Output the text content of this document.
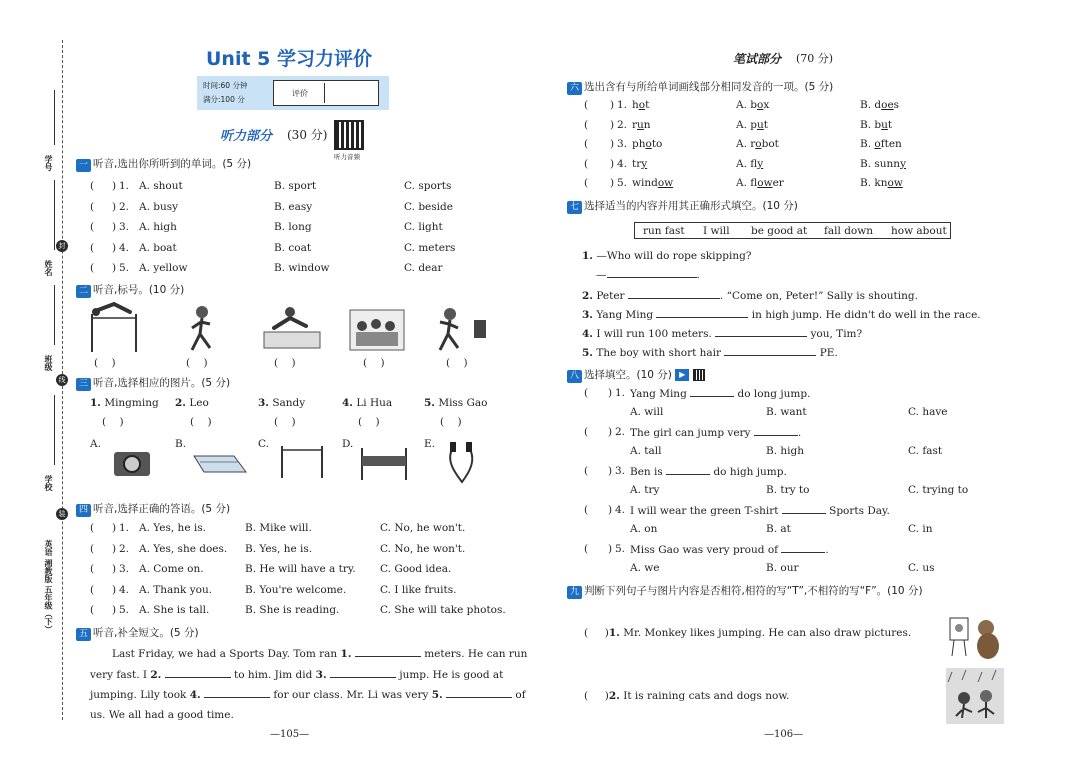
学号
姓名
班级
学校
英语 湘教版 五年级（下）
封
线
装
Unit 5 学习力评价
时间:60 分钟
满分:100 分
评价
听力部分 (30 分)
听力音频
一 听音,选出你所听到的单词。(5 分)
( ) 1. A. shout	B. sport	C. sports
( ) 2. A. busy	B. easy	C. beside
( ) 3. A. high	B. long	C. light
( ) 4. A. boat	B. coat	C. meters
( ) 5. A. yellow	B. window	C. dear
二 听音,标号。(10 分)
(    )	(    )	(    )	(    )	(    )
三 听音,选择相应的图片。(5 分)
1. Mingming 2. Leo	3. Sandy	4. Li Hua	5. Miss Gao
(    )	(    )	(    )	(    )	(    )
A.	B.	C.	D.	E.
四 听音,选择正确的答语。(5 分)
( ) 1. A. Yes, he is.	B. Mike will.	C. No, he won't.
( ) 2. A. Yes, she does. B. Yes, he is.	C. No, he won't.
( ) 3. A. Come on.	B. He will have a try. C. Good idea.
( ) 4. A. Thank you.	B. You're welcome.	C. I like fruits.
( ) 5. A. She is tall.	B. She is reading.	C. She will take photos.
五 听音,补全短文。(5 分)
Last Friday, we had a Sports Day. Tom ran 1.	meters. He can run
very fast. I 2.	to him. Jim did 3.	jump. He is good at
jumping. Lily took 4.	for our class. Mr. Li was very 5.	of
us. We all had a good time.
—105—
笔试部分 (70 分)
六 选出含有与所给单词画线部分相同发音的一项。(5 分)
( ) 1. hot	A. box	B. does
( ) 2. run	A. put	B. but
( ) 3. photo	A. robot	B. often
( ) 4. try	A. fly	B. sunny
( ) 5. window	A. flower	B. know
七 选择适当的内容并用其正确形式填空。(10 分)
run fast I will be good at fall down how about
1. —Who will do rope skipping?
—	.
2. Peter	. “Come on, Peter!” Sally is shouting.
3. Yang Ming	in high jump. He didn't do well in the race.
4. I will run 100 meters.	you, Tim?
5. The boy with short hair	PE.
八 选择填空。(10 分) ▶
( ) 1. Yang Ming	do long jump.
A. will	B. want	C. have
( ) 2. The girl can jump very	.
A. tall	B. high	C. fast
( ) 3. Ben is	do high jump.
A. try	B. try to	C. trying to
( ) 4. I will wear the green T-shirt	Sports Day.
A. on	B. at	C. in
( ) 5. Miss Gao was very proud of	.
A. we	B. our	C. us
九 判断下列句子与图片内容是否相符,相符的写“T”,不相符的写“F”。(10 分)
(     )1. Mr. Monkey likes jumping. He can also draw pictures.
(     )2. It is raining cats and dogs now.
—106—
